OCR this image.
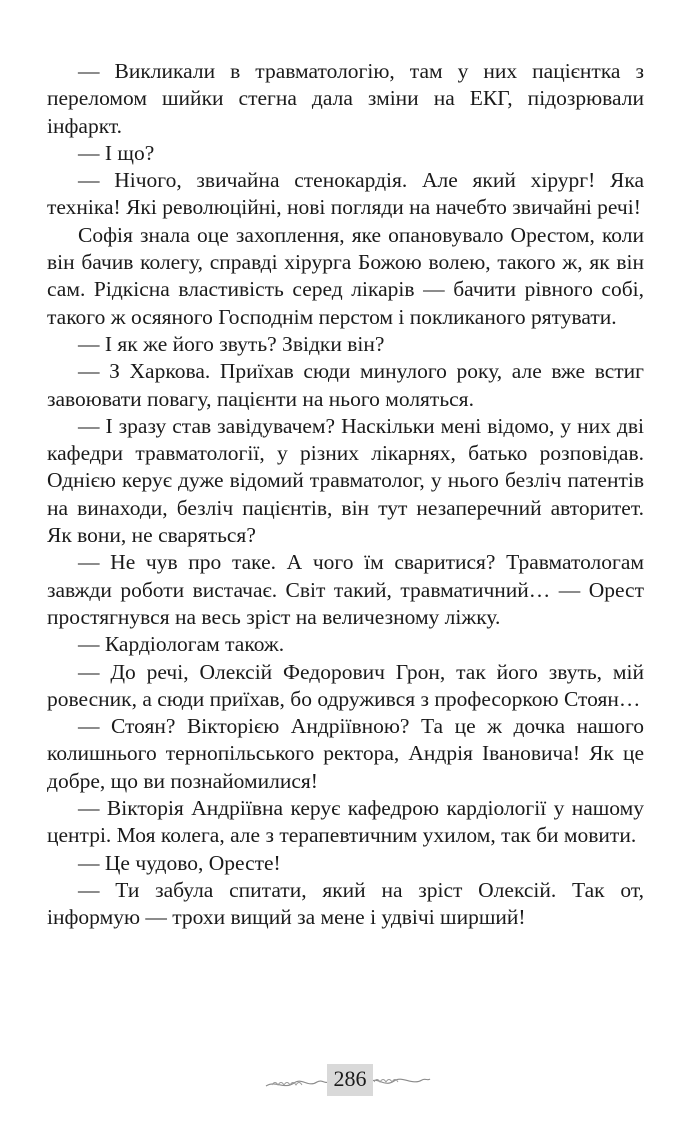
— Викликали в травматологію, там у них пацієнтка з переломом шийки стегна дала зміни на ЕКГ, підозрювали інфаркт.

— І що?

— Нічого, звичайна стенокардія. Але який хірург! Яка техніка! Які революційні, нові погляди на начебто звичайні речі!

Софія знала оце захоплення, яке опановувало Орестом, коли він бачив колегу, справді хірурга Божою волею, такого ж, як він сам. Рідкісна властивість серед лікарів — бачити рівного собі, такого ж осяяного Господнім перстом і покликаного рятувати.

— І як же його звуть? Звідки він?

— З Харкова. Приїхав сюди минулого року, але вже встиг завоювати повагу, пацієнти на нього моляться.

— І зразу став завідувачем? Наскільки мені відомо, у них дві кафедри травматології, у різних лікарнях, батько розповідав. Однією керує дуже відомий травматолог, у нього безліч патентів на винаходи, безліч пацієнтів, він тут незаперечний авторитет. Як вони, не сваряться?

— Не чув про таке. А чого їм сваритися? Травматологам завжди роботи вистачає. Світ такий, травматичний… — Орест простягнувся на весь зріст на величезному ліжку.

— Кардіологам також.

— До речі, Олексій Федорович Грон, так його звуть, мій ровесник, а сюди приїхав, бо одружився з професоркою Стоян…

— Стоян? Вікторією Андріївною? Та це ж дочка нашого колишнього тернопільського ректора, Андрія Івановича! Як це добре, що ви познайомилися!

— Вікторія Андріївна керує кафедрою кардіології у нашому центрі. Моя колега, але з терапевтичним ухилом, так би мовити.

— Це чудово, Оресте!

— Ти забула спитати, який на зріст Олексій. Так от, інформую — трохи вищий за мене і удвічі ширший!

286
